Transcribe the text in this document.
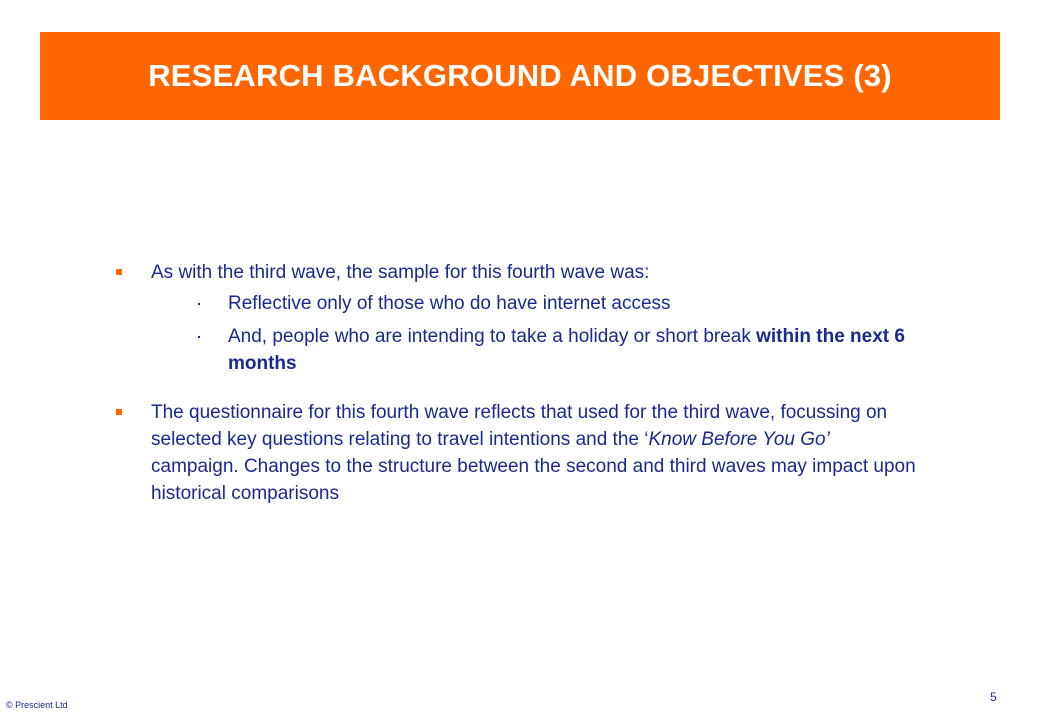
RESEARCH BACKGROUND AND OBJECTIVES (3)
As with the third wave, the sample for this fourth wave was:
Reflective only of those who do have internet access
And, people who are intending to take a holiday or short break within the next 6 months
The questionnaire for this fourth wave reflects that used for the third wave, focussing on selected key questions relating to travel intentions and the ‘Know Before You Go’ campaign. Changes to the structure between the second and third waves may impact upon historical comparisons
© Prescient Ltd
5
